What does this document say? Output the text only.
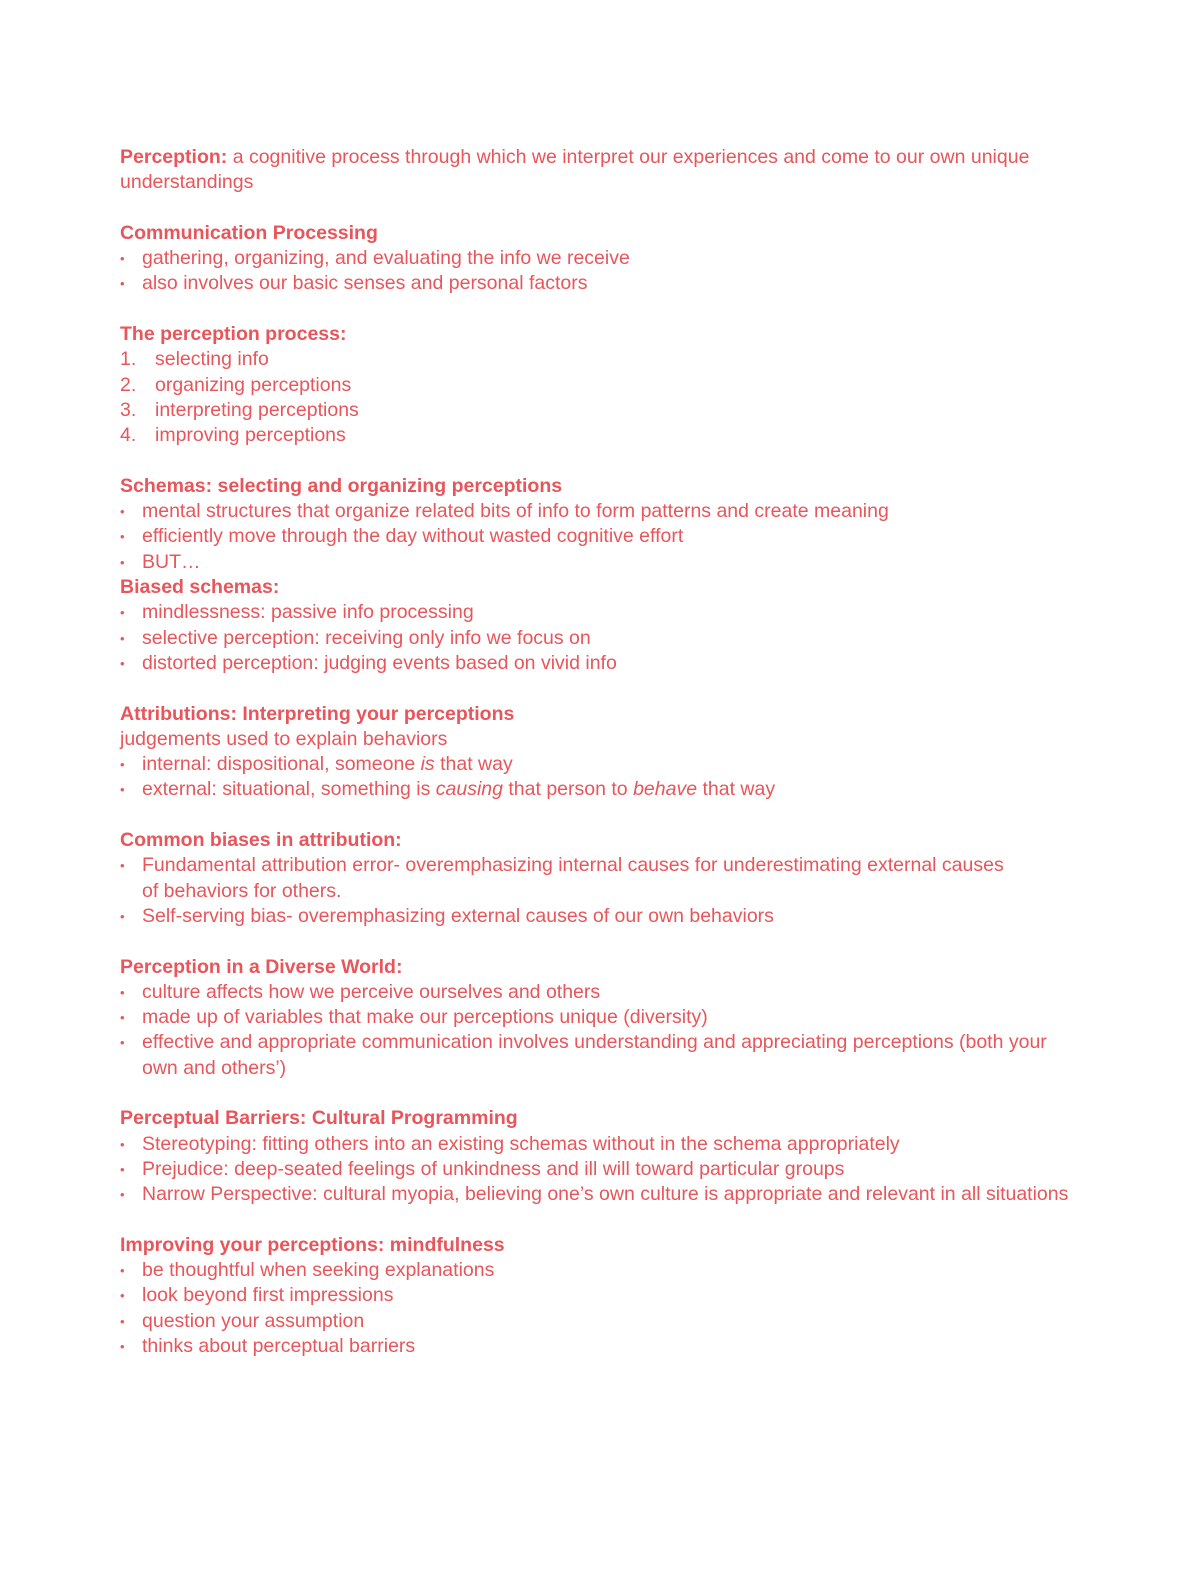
Perception: a cognitive process through which we interpret our experiences and come to our own unique understandings
Communication Processing
• gathering, organizing, and evaluating the info we receive
• also involves our basic senses and personal factors
The perception process:
1. selecting info
2. organizing perceptions
3. interpreting perceptions
4. improving perceptions
Schemas: selecting and organizing perceptions
• mental structures that organize related bits of info to form patterns and create meaning
• efficiently move through the day without wasted cognitive effort
• BUT…
Biased schemas:
• mindlessness: passive info processing
• selective perception: receiving only info we focus on
• distorted perception: judging events based on vivid info
Attributions: Interpreting your perceptions
judgements used to explain behaviors
• internal: dispositional, someone is that way
• external: situational, something is causing that person to behave that way
Common biases in attribution:
• Fundamental attribution error- overemphasizing internal causes for underestimating external causes of behaviors for others.
• Self-serving bias- overemphasizing external causes of our own behaviors
Perception in a Diverse World:
• culture affects how we perceive ourselves and others
• made up of variables that make our perceptions unique (diversity)
• effective and appropriate communication involves understanding and appreciating perceptions (both your own and others’)
Perceptual Barriers: Cultural Programming
• Stereotyping: fitting others into an existing schemas without in the schema appropriately
• Prejudice: deep-seated feelings of unkindness and ill will toward particular groups
• Narrow Perspective: cultural myopia, believing one’s own culture is appropriate and relevant in all situations
Improving your perceptions: mindfulness
• be thoughtful when seeking explanations
• look beyond first impressions
• question your assumption
• thinks about perceptual barriers
